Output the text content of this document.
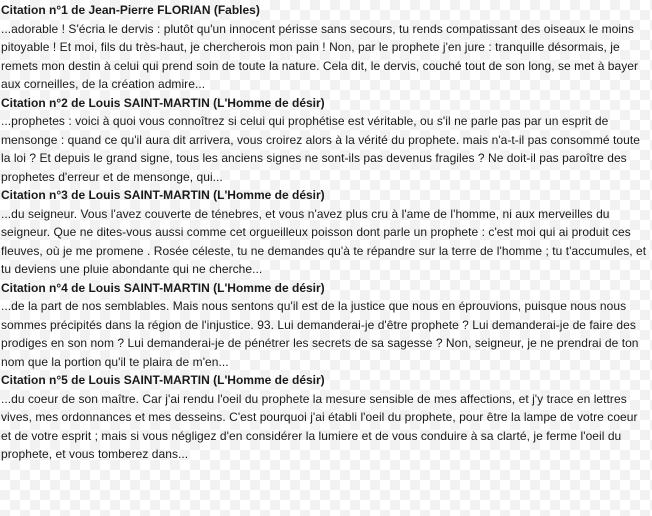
Citation n°1 de Jean-Pierre FLORIAN (Fables)

...adorable ! S'écria le dervis : plutôt qu'un innocent périsse sans secours, tu rends compatissant des oiseaux le moins pitoyable ! Et moi, fils du très-haut, je chercherois mon pain ! Non, par le prophete j'en jure : tranquille désormais, je remets mon destin à celui qui prend soin de toute la nature. Cela dit, le dervis, couché tout de son long, se met à bayer aux corneilles, de la création admire...

Citation n°2 de Louis SAINT-MARTIN (L'Homme de désir)

...prophetes : voici à quoi vous connoîtrez si celui qui prophétise est véritable, ou s'il ne parle pas par un esprit de mensonge : quand ce qu'il aura dit arrivera, vous croirez alors à la vérité du prophete. mais n'a-t-il pas consommé toute la loi ? Et depuis le grand signe, tous les anciens signes ne sont-ils pas devenus fragiles ? Ne doit-il pas paroître des prophetes d'erreur et de mensonge, qui...

Citation n°3 de Louis SAINT-MARTIN (L'Homme de désir)

...du seigneur. Vous l'avez couverte de ténebres, et vous n'avez plus cru à l'ame de l'homme, ni aux merveilles du seigneur. Que ne dites-vous aussi comme cet orgueilleux poisson dont parle un prophete : c'est moi qui ai produit ces fleuves, où je me promene . Rosée céleste, tu ne demandes qu'à te répandre sur la terre de l'homme ; tu t'accumules, et tu deviens une pluie abondante qui ne cherche...

Citation n°4 de Louis SAINT-MARTIN (L'Homme de désir)

...de la part de nos semblables. Mais nous sentons qu'il est de la justice que nous en éprouvions, puisque nous nous sommes précipités dans la région de l'injustice. 93. Lui demanderai-je d'être prophete ? Lui demanderai-je de faire des prodiges en son nom ? Lui demanderai-je de pénétrer les secrets de sa sagesse ? Non, seigneur, je ne prendrai de ton nom que la portion qu'il te plaira de m'en...

Citation n°5 de Louis SAINT-MARTIN (L'Homme de désir)

...du coeur de son maître. Car j'ai rendu l'oeil du prophete la mesure sensible de mes affections, et j'y trace en lettres vives, mes ordonnances et mes desseins. C'est pourquoi j'ai établi l'oeil du prophete, pour être la lampe de votre coeur et de votre esprit ; mais si vous négligez d'en considérer la lumiere et de vous conduire à sa clarté, je ferme l'oeil du prophete, et vous tomberez dans...
